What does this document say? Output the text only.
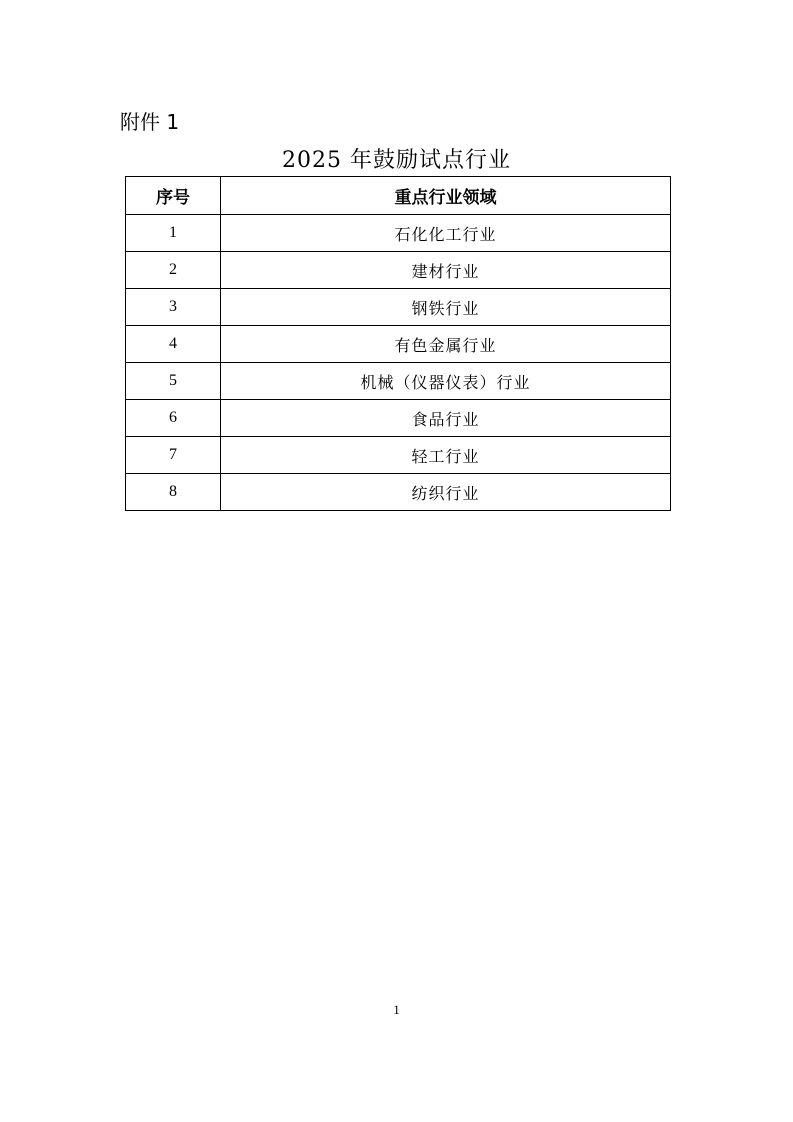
附件 1
2025 年鼓励试点行业
序号	重点行业领域
1	石化化工行业
2	建材行业
3	钢铁行业
4	有色金属行业
5	机械（仪器仪表）行业
6	食品行业
7	轻工行业
8	纺织行业
1
